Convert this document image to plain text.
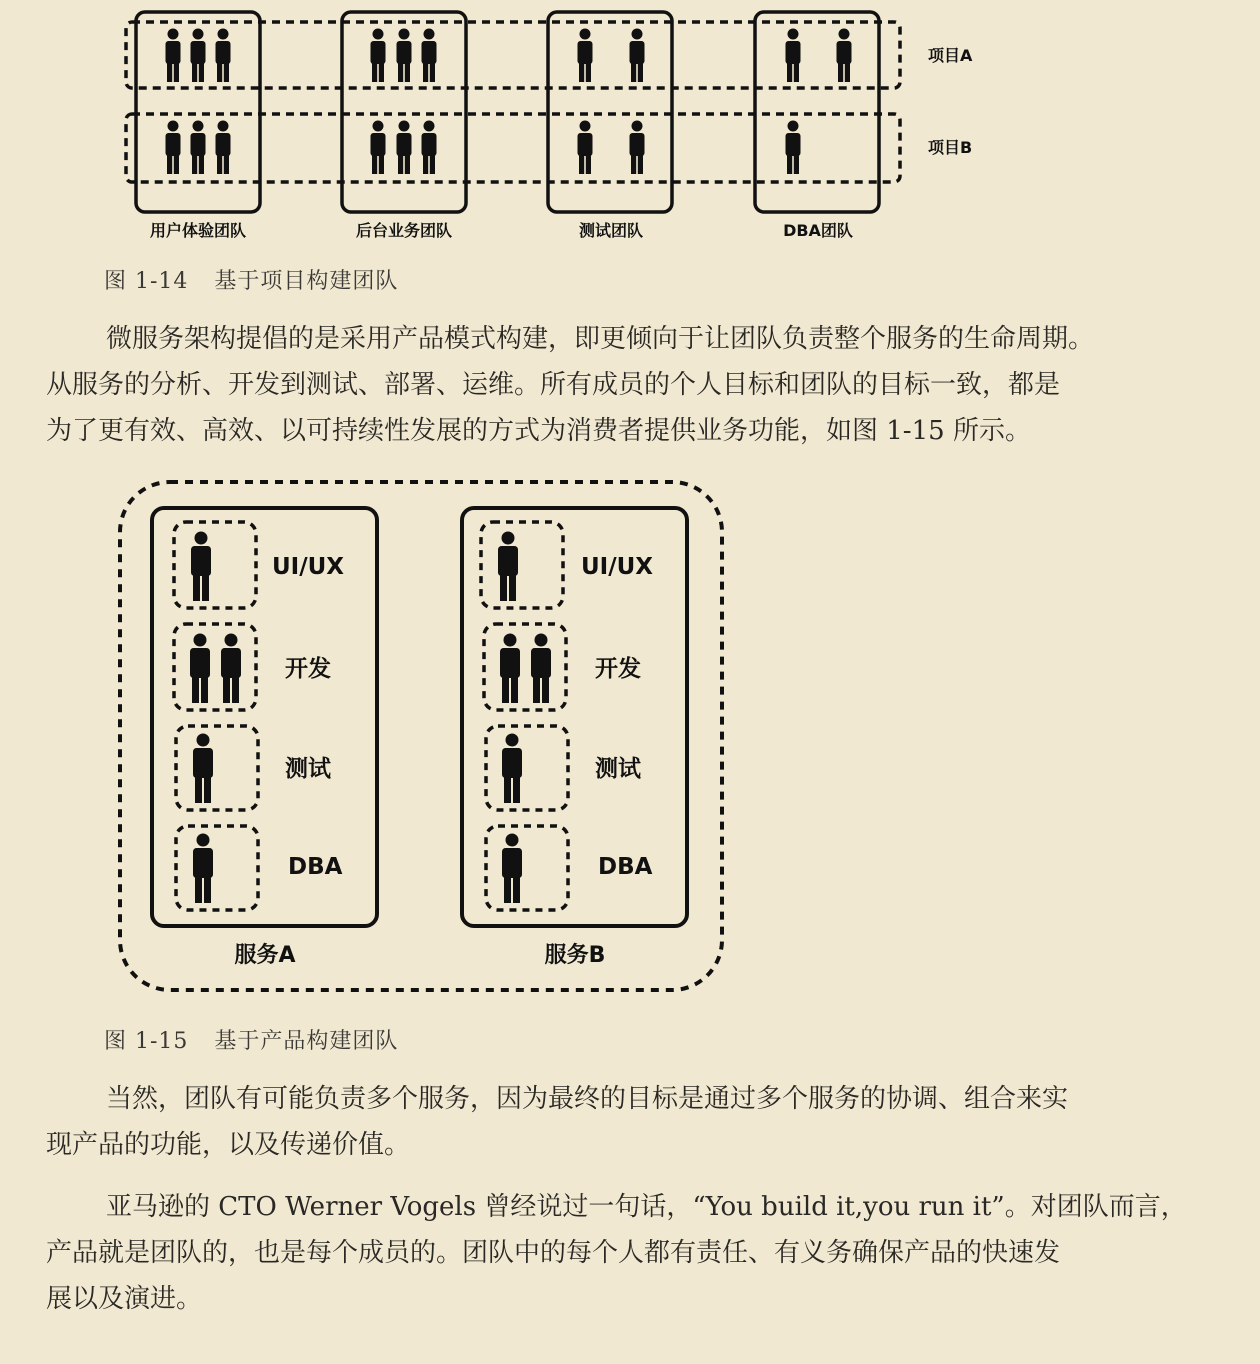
用户体验团队	后台业务团队	测试团队	DBA团队
项目A
项目B
图 1-14 基于项目构建团队
微服务架构提倡的是采用产品模式构建，即更倾向于让团队负责整个服务的生命周期。
从服务的分析、开发到测试、部署、运维。所有成员的个人目标和团队的目标一致，都是
为了更有效、高效、以可持续性发展的方式为消费者提供业务功能，如图 1-15 所示。
UI/UX
开发
测试
DBA
UI/UX
开发
测试
DBA
服务A	服务B
图 1-15 基于产品构建团队
当然，团队有可能负责多个服务，因为最终的目标是通过多个服务的协调、组合来实
现产品的功能，以及传递价值。
亚马逊的 CTO Werner Vogels 曾经说过一句话，“You build it,you run it”。对团队而言，
产品就是团队的，也是每个成员的。团队中的每个人都有责任、有义务确保产品的快速发
展以及演进。
